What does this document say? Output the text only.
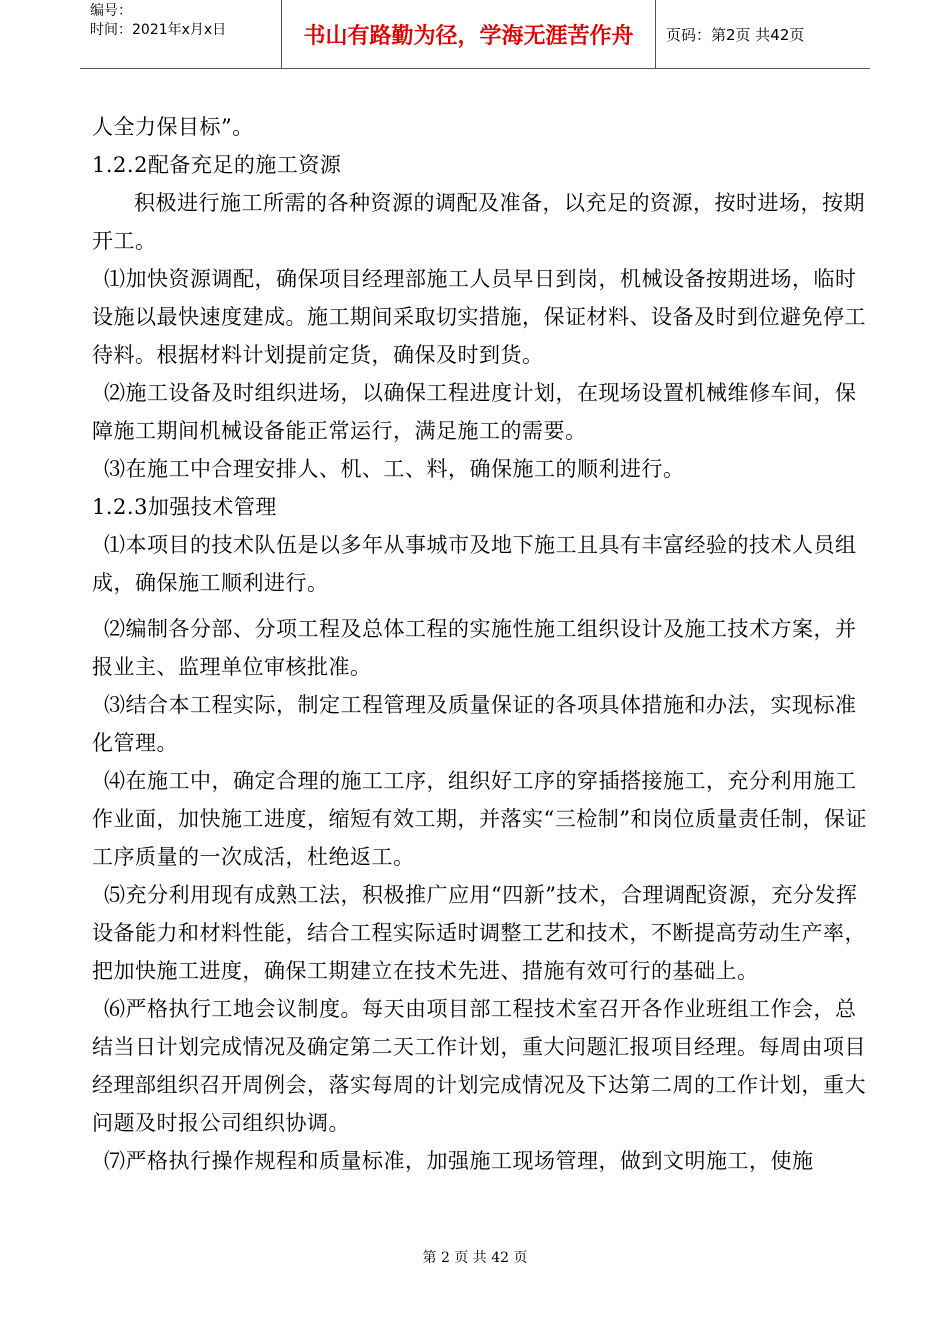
编号：
时间：2021年x月x日	书山有路勤为径，学海无涯苦作舟	页码：第2页 共42页

人全力保目标”。

1.2.2配备充足的施工资源

积极进行施工所需的各种资源的调配及准备，以充足的资源，按时进场，按期开工。

⑴加快资源调配，确保项目经理部施工人员早日到岗，机械设备按期进场，临时设施以最快速度建成。施工期间采取切实措施，保证材料、设备及时到位避免停工待料。根据材料计划提前定货，确保及时到货。

⑵施工设备及时组织进场，以确保工程进度计划，在现场设置机械维修车间，保障施工期间机械设备能正常运行，满足施工的需要。

⑶在施工中合理安排人、机、工、料，确保施工的顺利进行。

1.2.3加强技术管理

⑴本项目的技术队伍是以多年从事城市及地下施工且具有丰富经验的技术人员组成，确保施工顺利进行。

⑵编制各分部、分项工程及总体工程的实施性施工组织设计及施工技术方案，并报业主、监理单位审核批准。

⑶结合本工程实际，制定工程管理及质量保证的各项具体措施和办法，实现标准化管理。

⑷在施工中，确定合理的施工工序，组织好工序的穿插搭接施工，充分利用施工作业面，加快施工进度，缩短有效工期，并落实“三检制”和岗位质量责任制，保证工序质量的一次成活，杜绝返工。

⑸充分利用现有成熟工法，积极推广应用“四新”技术，合理调配资源，充分发挥设备能力和材料性能，结合工程实际适时调整工艺和技术，不断提高劳动生产率，把加快施工进度，确保工期建立在技术先进、措施有效可行的基础上。

⑹严格执行工地会议制度。每天由项目部工程技术室召开各作业班组工作会，总结当日计划完成情况及确定第二天工作计划，重大问题汇报项目经理。每周由项目经理部组织召开周例会，落实每周的计划完成情况及下达第二周的工作计划，重大问题及时报公司组织协调。

⑺严格执行操作规程和质量标准，加强施工现场管理，做到文明施工，使施

第 2 页 共 42 页
